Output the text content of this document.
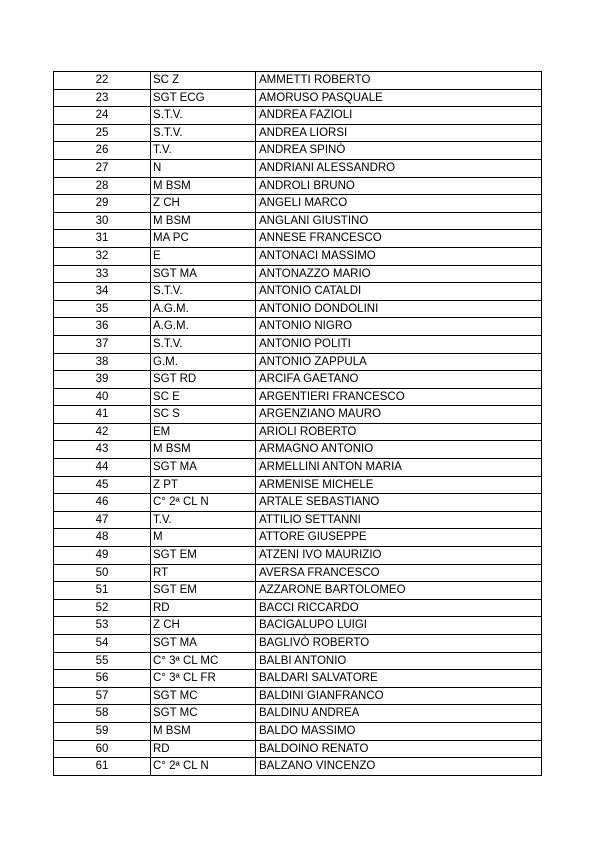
22	SC Z	AMMETTI ROBERTO
23	SGT ECG	AMORUSO PASQUALE
24	S.T.V.	ANDREA FAZIOLI
25	S.T.V.	ANDREA LIORSI
26	T.V.	ANDREA SPINÒ
27	N	ANDRIANI ALESSANDRO
28	M BSM	ANDROLI BRUNO
29	Z CH	ANGELI MARCO
30	M BSM	ANGLANI GIUSTINO
31	MA PC	ANNESE FRANCESCO
32	E	ANTONACI MASSIMO
33	SGT MA	ANTONAZZO MARIO
34	S.T.V.	ANTONIO CATALDI
35	A.G.M.	ANTONIO DONDOLINI
36	A.G.M.	ANTONIO NIGRO
37	S.T.V.	ANTONIO POLITI
38	G.M.	ANTONIO ZAPPULA
39	SGT RD	ARCIFA GAETANO
40	SC E	ARGENTIERI FRANCESCO
41	SC S	ARGENZIANO MAURO
42	EM	ARIOLI ROBERTO
43	M BSM	ARMAGNO ANTONIO
44	SGT MA	ARMELLINI ANTON MARIA
45	Z PT	ARMENISE MICHELE
46	C° 2ª CL N	ARTALE SEBASTIANO
47	T.V.	ATTILIO SETTANNI
48	M	ATTORE GIUSEPPE
49	SGT EM	ATZENI IVO MAURIZIO
50	RT	AVERSA FRANCESCO
51	SGT EM	AZZARONE BARTOLOMEO
52	RD	BACCI RICCARDO
53	Z CH	BACIGALUPO LUIGI
54	SGT MA	BAGLIVÒ ROBERTO
55	C° 3ª CL MC	BALBI ANTONIO
56	C° 3ª CL FR	BALDARI SALVATORE
57	SGT MC	BALDINI GIANFRANCO
58	SGT MC	BALDINU ANDREA
59	M BSM	BALDO MASSIMO
60	RD	BALDOINO RENATO
61	C° 2ª CL N	BALZANO VINCENZO
